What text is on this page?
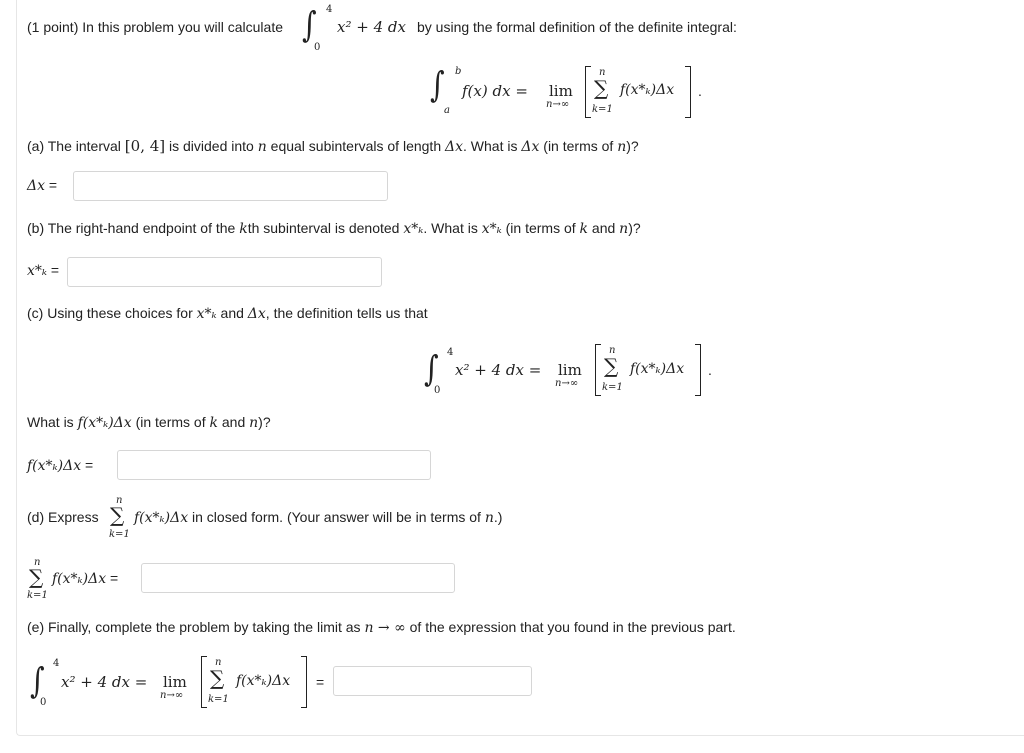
(1 point) In this problem you will calculate ∫ 4
0
x² + 4 dx by using the formal definition of the definite integral:
∫ b
a
f(x) dx = lim
n→∞
n
∑
k=1
f(x*ₖ)Δx .
(a) The interval [0, 4] is divided into n equal subintervals of length Δx. What is Δx (in terms of n)?
Δx =
(b) The right-hand endpoint of the kth subinterval is denoted x*ₖ. What is x*ₖ (in terms of k and n)?
x*ₖ =
(c) Using these choices for x*ₖ and Δx, the definition tells us that
∫ 4
0
x² + 4 dx = lim
n→∞
n
∑
k=1
f(x*ₖ)Δx .
What is f(x*ₖ)Δx (in terms of k and n)?
f(x*ₖ)Δx =
(d) Express
n
∑
k=1
f(x*ₖ)Δx in closed form. (Your answer will be in terms of n.)
n
∑
k=1
f(x*ₖ)Δx =
(e) Finally, complete the problem by taking the limit as n → ∞ of the expression that you found in the previous part.
∫ 4
0
x² + 4 dx = lim
n→∞
n
∑
k=1
f(x*ₖ)Δx =
